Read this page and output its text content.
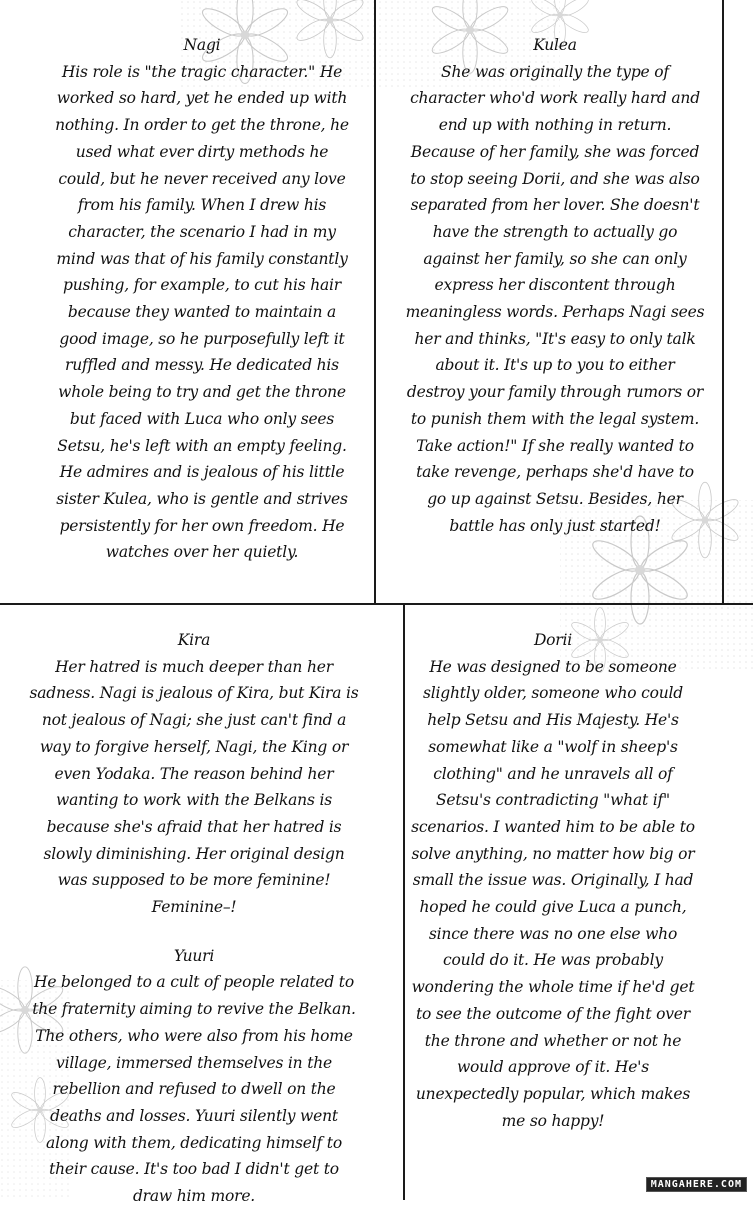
Nagi

His role is "the tragic character." He worked so hard, yet he ended up with nothing. In order to get the throne, he used what ever dirty methods he could, but he never received any love from his family. When I drew his character, the scenario I had in my mind was that of his family constantly pushing, for example, to cut his hair because they wanted to maintain a good image, so he purposefully left it ruffled and messy. He dedicated his whole being to try and get the throne but faced with Luca who only sees Setsu, he's left with an empty feeling. He admires and is jealous of his little sister Kulea, who is gentle and strives persistently for her own freedom. He watches over her quietly.

Kulea

She was originally the type of character who'd work really hard and end up with nothing in return. Because of her family, she was forced to stop seeing Dorii, and she was also separated from her lover. She doesn't have the strength to actually go against her family, so she can only express her discontent through meaningless words. Perhaps Nagi sees her and thinks, "It's easy to only talk about it. It's up to you to either destroy your family through rumors or to punish them with the legal system. Take action!" If she really wanted to take revenge, perhaps she'd have to go up against Setsu. Besides, her battle has only just started!

Kira

Her hatred is much deeper than her sadness. Nagi is jealous of Kira, but Kira is not jealous of Nagi; she just can't find a way to forgive herself, Nagi, the King or even Yodaka. The reason behind her wanting to work with the Belkans is because she's afraid that her hatred is slowly diminishing. Her original design was supposed to be more feminine! Feminine–!

Yuuri

He belonged to a cult of people related to the fraternity aiming to revive the Belkan. The others, who were also from his home village, immersed themselves in the rebellion and refused to dwell on the deaths and losses. Yuuri silently went along with them, dedicating himself to their cause. It's too bad I didn't get to draw him more.

Dorii

He was designed to be someone slightly older, someone who could help Setsu and His Majesty. He's somewhat like a "wolf in sheep's clothing" and he unravels all of Setsu's contradicting "what if" scenarios. I wanted him to be able to solve anything, no matter how big or small the issue was. Originally, I had hoped he could give Luca a punch, since there was no one else who could do it. He was probably wondering the whole time if he'd get to see the outcome of the fight over the throne and whether or not he would approve of it. He's unexpectedly popular, which makes me so happy!

MANGAHERE.COM
